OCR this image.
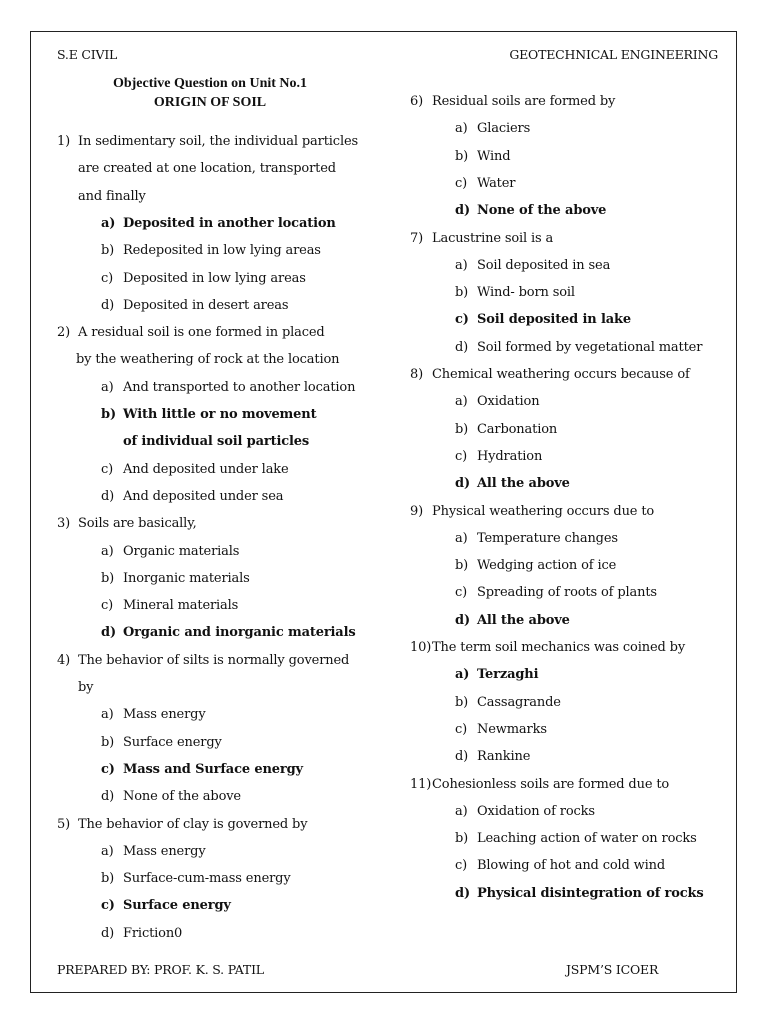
S.E CIVIL	GEOTECHNICAL ENGINEERING
Objective Question on Unit No.1
ORIGIN OF SOIL
1) In sedimentary soil, the individual particles
are created at one location, transported
and finally
a) Deposited in another location
b) Redeposited in low lying areas
c) Deposited in low lying areas
d) Deposited in desert areas
2) A residual soil is one formed in placed
by the weathering of rock at the location
a) And transported to another location
b) With little or no movement
of individual soil particles
c) And deposited under lake
d) And deposited under sea
3) Soils are basically,
a) Organic materials
b) Inorganic materials
c) Mineral materials
d) Organic and inorganic materials
4) The behavior of silts is normally governed
by
a) Mass energy
b) Surface energy
c) Mass and Surface energy
d) None of the above
5) The behavior of clay is governed by
a) Mass energy
b) Surface-cum-mass energy
c) Surface energy
d) Friction0
6) Residual soils are formed by
a) Glaciers
b) Wind
c) Water
d) None of the above
7) Lacustrine soil is a
a) Soil deposited in sea
b) Wind- born soil
c) Soil deposited in lake
d) Soil formed by vegetational matter
8) Chemical weathering occurs because of
a) Oxidation
b) Carbonation
c) Hydration
d) All the above
9) Physical weathering occurs due to
a) Temperature changes
b) Wedging action of ice
c) Spreading of roots of plants
d) All the above
10)The term soil mechanics was coined by
a) Terzaghi
b) Cassagrande
c) Newmarks
d) Rankine
11)Cohesionless soils are formed due to
a) Oxidation of rocks
b) Leaching action of water on rocks
c) Blowing of hot and cold wind
d) Physical disintegration of rocks
PREPARED BY: PROF. K. S. PATIL	JSPM’S ICOER
